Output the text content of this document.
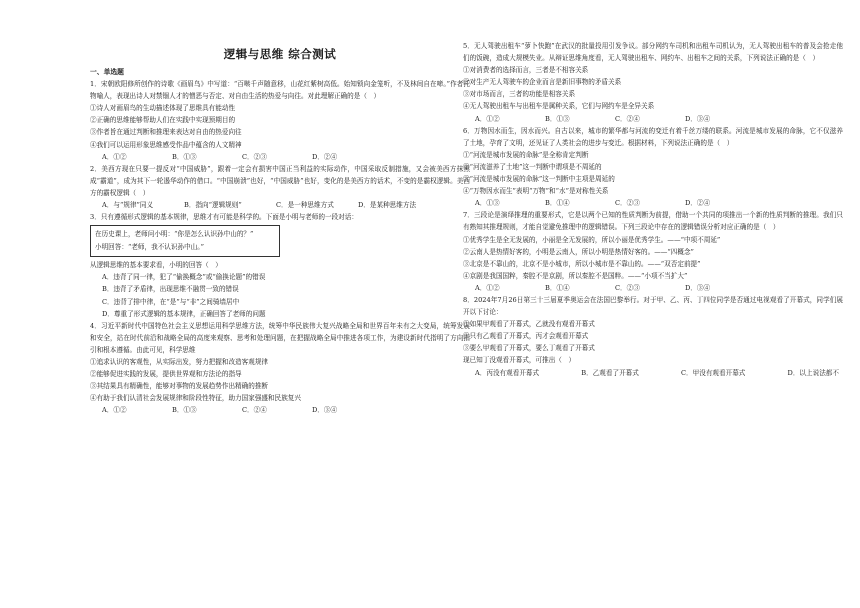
逻辑与思维 综合测试

一、单选题

1．宋朝欧阳修所创作的诗歌《画眉鸟》中写道：“百啭千声随意移，山花红紫树高低。始知锁向金笼听，不及林间自在啼。”作者托物喻人，表现出诗人对禁锢人才的憎恶与否定、对自由生活的热爱与向往。对此理解正确的是（　）

①诗人对画眉鸟的生动描述体现了思维具有能动性

②正确的思维能够帮助人们在实践中实现预期目的

③作者旨在通过判断和推理来表达对自由的热爱向往

④我们可以运用形象思维感受作品中蕴含的人文精神

A．①②	B．①③	C．②③	D．②④

2．美西方现在只要一提反对“中国威胁”，跟着一定会有损害中国正当利益的实际动作，中国采取反制措施，又会被美西方抹黑成“霸道”，成为其下一轮遏华动作的借口。“中国崩溃”也好，“中国威胁”也好，变化的是美西方的话术，不变的是霸权逻辑。美西方的霸权逻辑（　）

A．与“规律”同义	B．指向“逻辑规则”	C．是一种思维方式	D．是某种思维方法

3．只有遵循形式逻辑的基本规律，思维才有可能是科学的。下面是小明与老师的一段对话：

在历史课上，老师问小明：“你是怎么认识孙中山的？”

小明回答：“老师，我不认识孙中山。”

从逻辑思维的基本要求看，小明的回答（　）

A．违背了同一律，犯了“偷换概念”或“偷换论题”的错误

B．违背了矛盾律，出现思维不融贯一致的错误

C．违背了排中律，在“是”与“非”之间骑墙居中

D．尊重了形式逻辑的基本规律，正确回答了老师的问题

4．习近平新时代中国特色社会主义思想运用科学思维方法，统筹中华民族伟大复兴战略全局和世界百年未有之大变局，统筹发展和安全，站在时代前沿和战略全局的高度来观察、思考和处理问题，在把握战略全局中推进各项工作，为建设新时代指明了方向指引和根本遵循。由此可见，科学思维

①追求认识的客观性，从实际出发，努力把握和改造客观规律

②能够促进实践的发展，提供世界观和方法论的指导

③其结果具有精确性，能够对事物的发展趋势作出精确的推断

④有助于我们认清社会发展规律和阶段性特征，助力国家强盛和民族复兴

A．①②	B．①③	C．②④	D．③④

5．无人驾驶出租车“萝卜快跑”在武汉的批量投用引发争议。部分网约车司机和出租车司机认为，无人驾驶出租车的普及会抢走他们的饭碗，造成大规模失业。从辩证思维角度看，无人驾驶出租车、网约车、出租车之间的关系，下列说法正确的是（　）

①对消费者的选择而言，三者是不相容关系

②对生产无人驾驶车的企业而言是新旧事物的矛盾关系

③对市场而言，三者的功能是相容关系

④无人驾驶出租车与出租车是属种关系，它们与网约车是全异关系

A．①②	B．①③	C．②④	D．③④

6．万物因水而生，因水而兴。自古以来，城市的繁华都与河流的变迁有着千丝万缕的联系。河流是城市发展的命脉，它不仅滋养了土地，孕育了文明，还见证了人类社会的进步与变迁。根据材料，下列说法正确的是（　）

①“河流是城市发展的命脉”是全称肯定判断

②“河流滋养了土地”这一判断中谓项是不周延的

③“河流是城市发展的命脉”这一判断中主项是周延的

④“万物因水而生”表明“万物”和“水”是对称性关系

A．①③	B．①④	C．②③	D．②④

7．三段论是演绎推理的重要形式，它是以两个已知的性质判断为前提，借助一个共同的项推出一个新的性质判断的推理。我们只有熟知其推理规则，才能自觉避免推理中的逻辑错误。下列三段论中存在的逻辑错误分析对应正确的是（　）

①优秀学生是全无发展的，小丽是全无发展的，所以小丽是优秀学生。——“中项不周延”

②云南人是热情好客的，小明是云南人，所以小明是热情好客的。——“四概念”

③北京是不靠山的，北京不是小城市，所以小城市是不靠山的。——“双否定前提”

④京剧是我国国粹，秦腔不是京剧，所以秦腔不是国粹。——“小项不当扩大”

A．①②	B．①④	C．②③	D．③④

8．2024年7月26日第三十三届夏季奥运会在法国巴黎举行。对于甲、乙、丙、丁四位同学是否通过电视观看了开幕式，同学们展开以下讨论：

①如果甲观看了开幕式，乙就没有观看开幕式

②只有乙观看了开幕式，丙才会观看开幕式

③要么甲观看了开幕式，要么丁观看了开幕式

现已知丁没观看开幕式，可推出（　）

A．丙没有观看开幕式	B．乙观看了开幕式	C．甲没有观看开幕式	D．以上说法都不
